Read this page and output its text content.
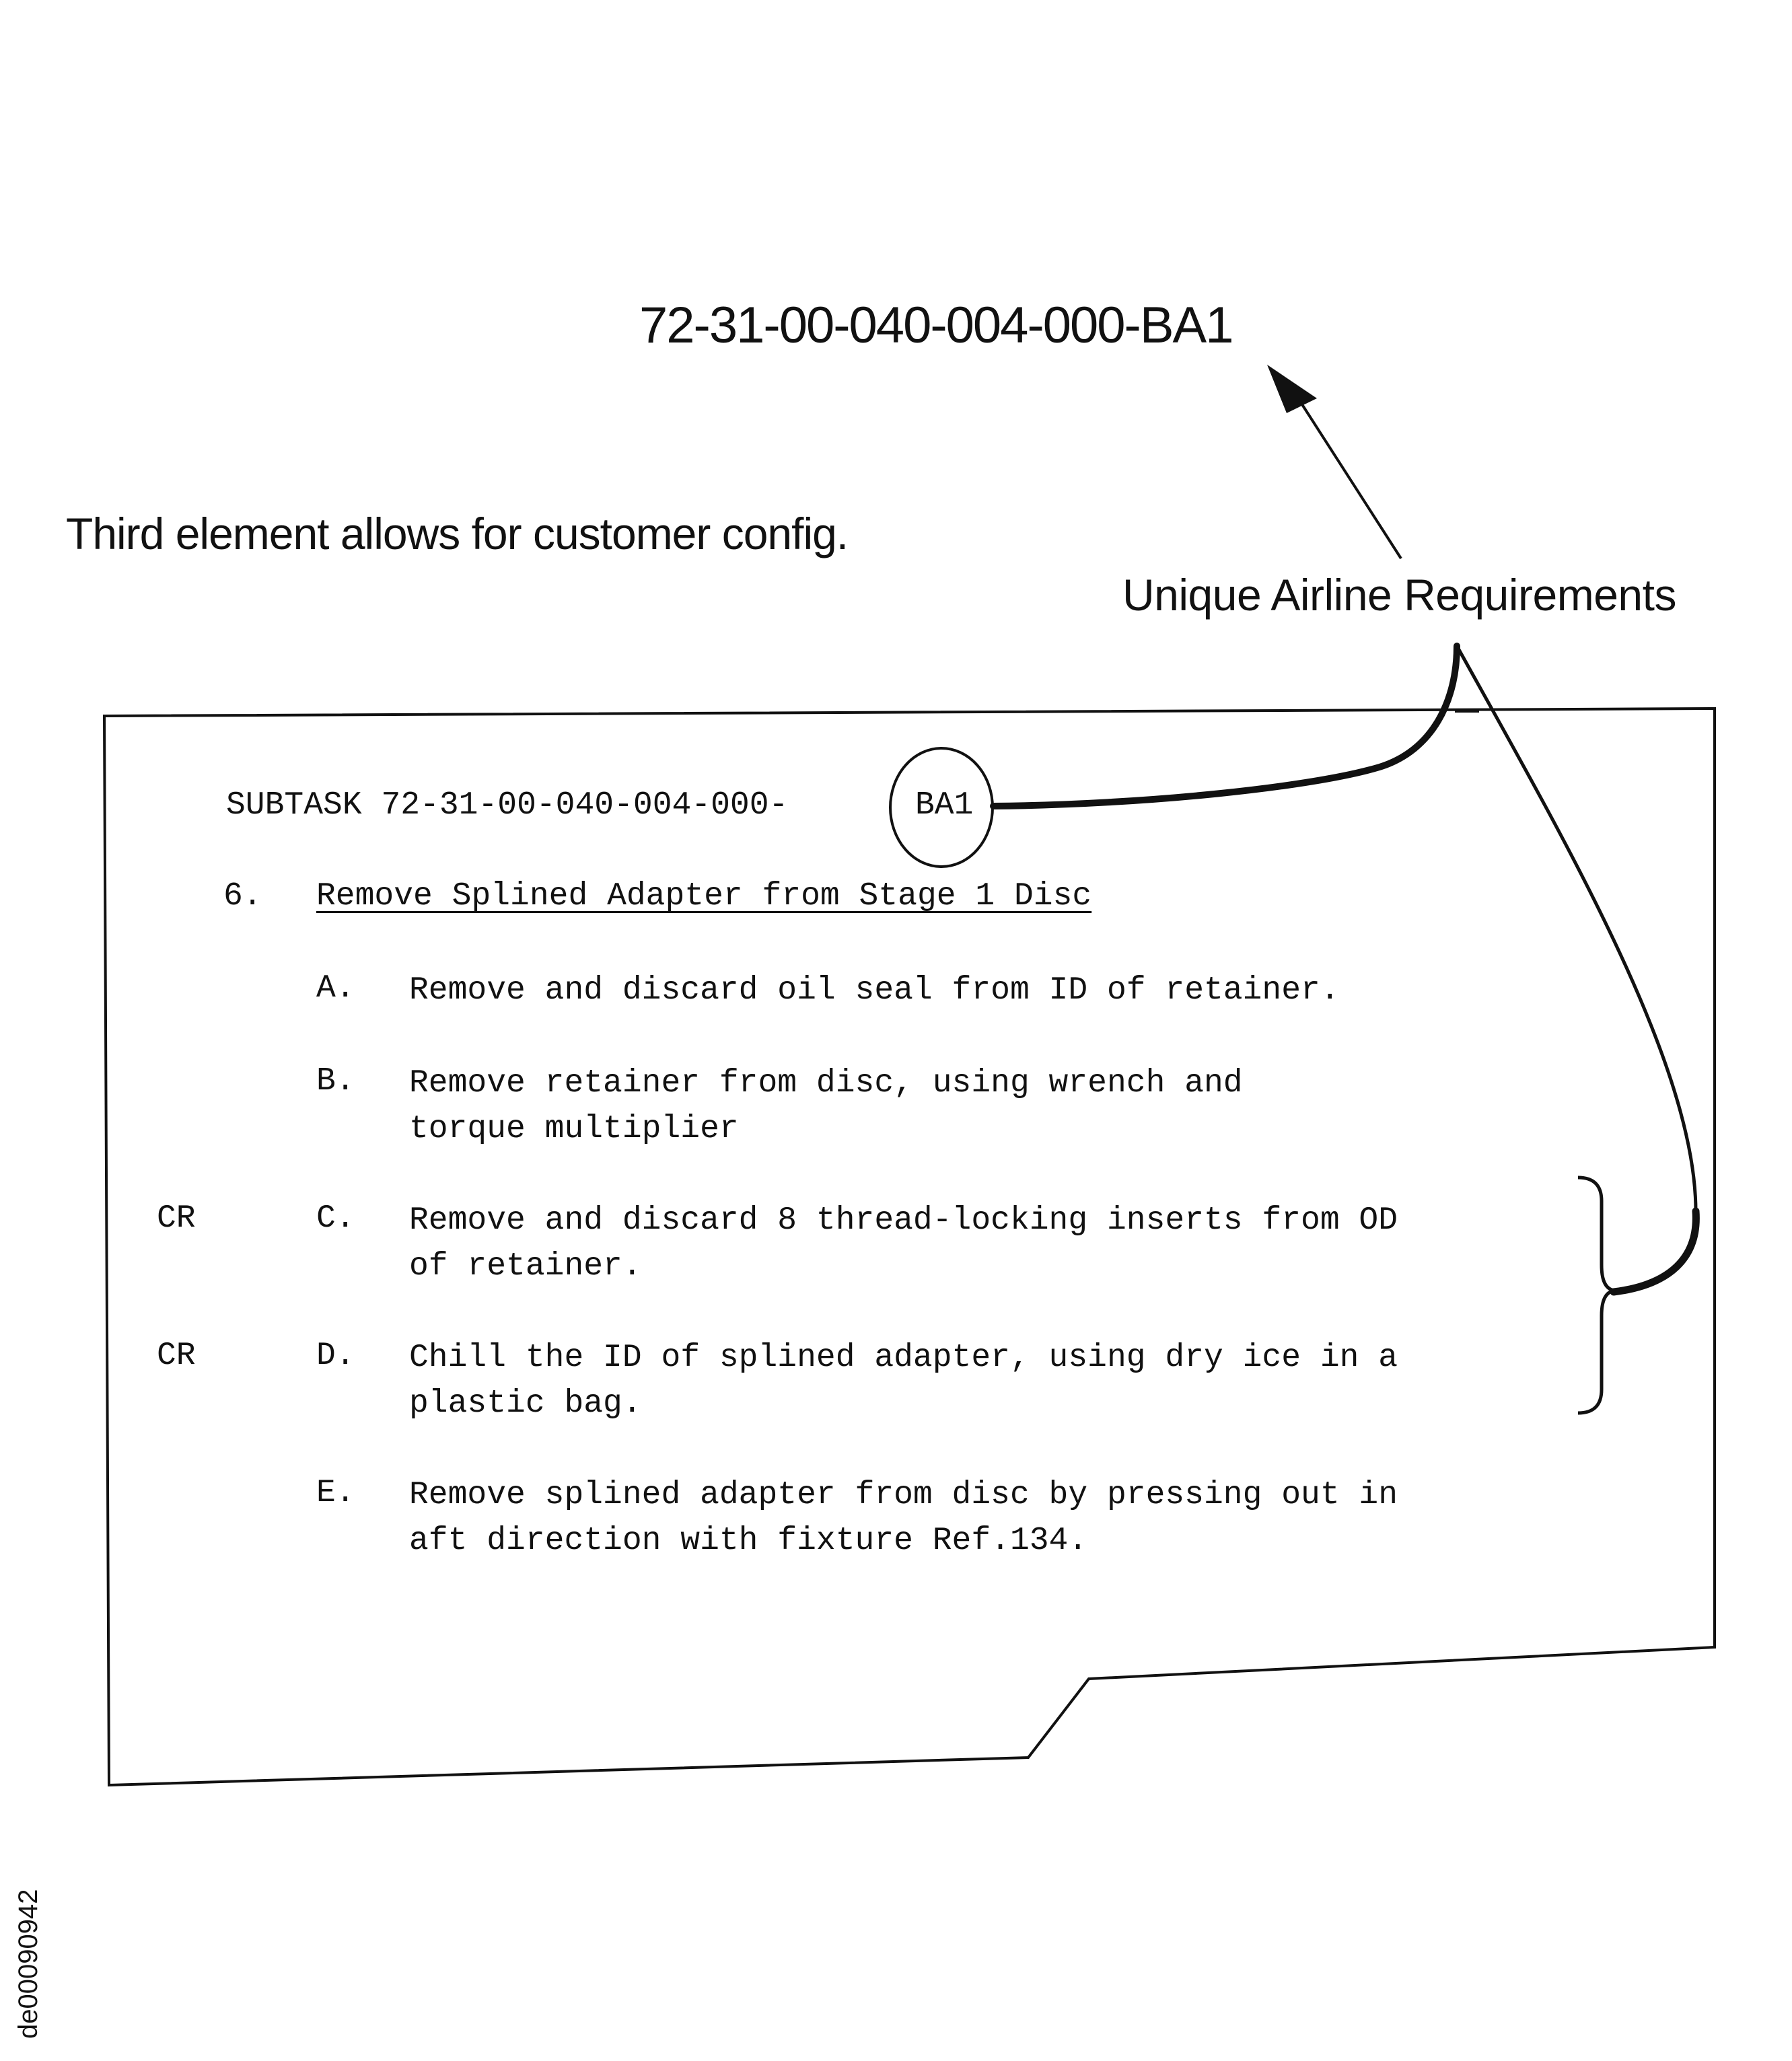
72-31-00-040-004-000-BA1
Third element allows for customer config.
Unique Airline Requirements
SUBTASK 72-31-00-040-004-000-	BA1
6. Remove Splined Adapter from Stage 1 Disc
A. Remove and discard oil seal from ID of retainer.
B. Remove retainer from disc, using wrench and
torque multiplier
CR	C. Remove and discard 8 thread-locking inserts from OD
of retainer.
CR	D. Chill the ID of splined adapter, using dry ice in a
plastic bag.
E. Remove splined adapter from disc by pressing out in
aft direction with fixture Ref.134.
de00090942
